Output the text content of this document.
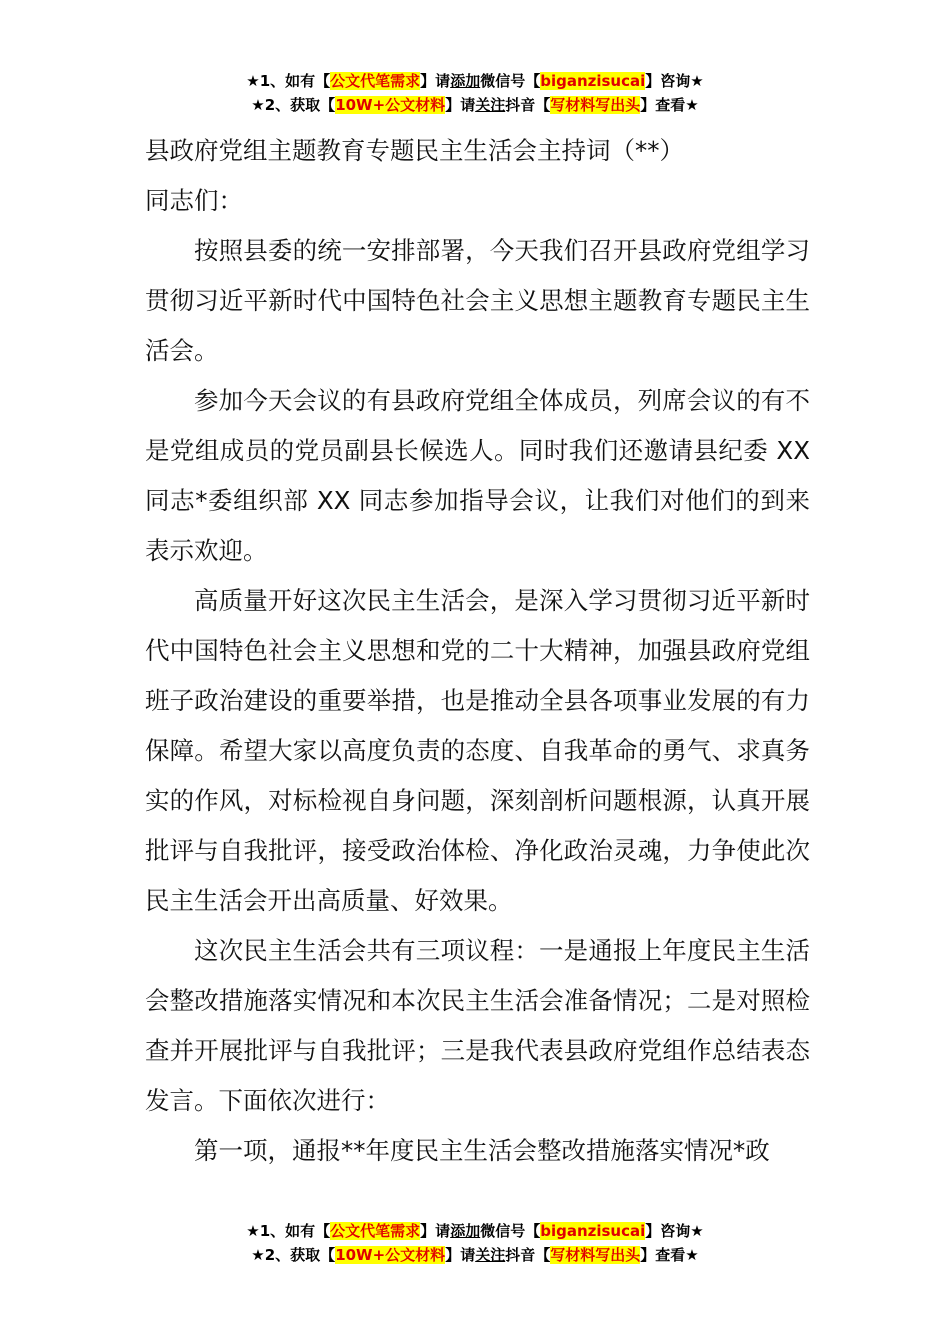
★1、如有【公文代笔需求】请添加微信号【biganzisucai】咨询★
★2、获取【10W+公文材料】请关注抖音【写材料写出头】查看★

县政府党组主题教育专题民主生活会主持词（**）

同志们：

按照县委的统一安排部署，今天我们召开县政府党组学习贯彻习近平新时代中国特色社会主义思想主题教育专题民主生活会。

参加今天会议的有县政府党组全体成员，列席会议的有不是党组成员的党员副县长候选人。同时我们还邀请县纪委 XX 同志*委组织部 XX 同志参加指导会议，让我们对他们的到来表示欢迎。

高质量开好这次民主生活会，是深入学习贯彻习近平新时代中国特色社会主义思想和党的二十大精神，加强县政府党组班子政治建设的重要举措，也是推动全县各项事业发展的有力保障。希望大家以高度负责的态度、自我革命的勇气、求真务实的作风，对标检视自身问题，深刻剖析问题根源，认真开展批评与自我批评，接受政治体检、净化政治灵魂，力争使此次民主生活会开出高质量、好效果。

这次民主生活会共有三项议程：一是通报上年度民主生活会整改措施落实情况和本次民主生活会准备情况；二是对照检查并开展批评与自我批评；三是我代表县政府党组作总结表态发言。下面依次进行：

第一项，通报**年度民主生活会整改措施落实情况*政

★1、如有【公文代笔需求】请添加微信号【biganzisucai】咨询★
★2、获取【10W+公文材料】请关注抖音【写材料写出头】查看★
